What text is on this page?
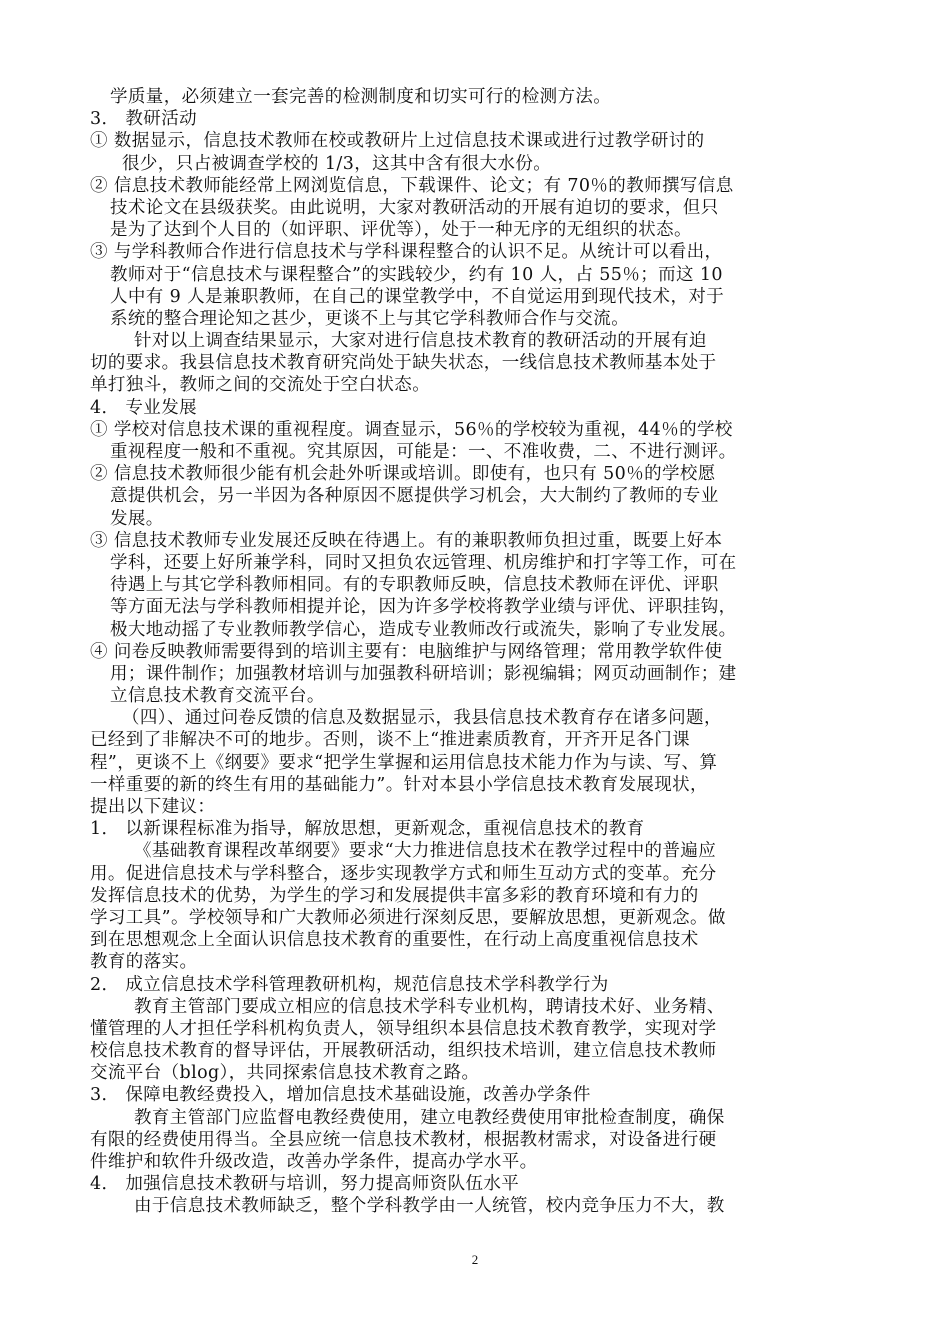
学质量，必须建立一套完善的检测制度和切实可行的检测方法。
3． 教研活动
① 数据显示，信息技术教师在校或教研片上过信息技术课或进行过教学研讨的
很少，只占被调查学校的 1/3，这其中含有很大水份。
② 信息技术教师能经常上网浏览信息，下载课件、论文；有 70％的教师撰写信息
技术论文在县级获奖。由此说明，大家对教研活动的开展有迫切的要求，但只
是为了达到个人目的（如评职、评优等），处于一种无序的无组织的状态。
③ 与学科教师合作进行信息技术与学科课程整合的认识不足。从统计可以看出，
教师对于“信息技术与课程整合”的实践较少，约有 10 人，占 55％；而这 10
人中有 9 人是兼职教师，在自己的课堂教学中，不自觉运用到现代技术，对于
系统的整合理论知之甚少，更谈不上与其它学科教师合作与交流。
针对以上调查结果显示，大家对进行信息技术教育的教研活动的开展有迫
切的要求。我县信息技术教育研究尚处于缺失状态，一线信息技术教师基本处于
单打独斗，教师之间的交流处于空白状态。
4． 专业发展
① 学校对信息技术课的重视程度。调查显示，56％的学校较为重视，44％的学校
重视程度一般和不重视。究其原因，可能是：一、不准收费，二、不进行测评。
② 信息技术教师很少能有机会赴外听课或培训。即使有，也只有 50％的学校愿
意提供机会，另一半因为各种原因不愿提供学习机会，大大制约了教师的专业
发展。
③ 信息技术教师专业发展还反映在待遇上。有的兼职教师负担过重，既要上好本
学科，还要上好所兼学科，同时又担负农远管理、机房维护和打字等工作，可在
待遇上与其它学科教师相同。有的专职教师反映，信息技术教师在评优、评职
等方面无法与学科教师相提并论，因为许多学校将教学业绩与评优、评职挂钩，
极大地动摇了专业教师教学信心，造成专业教师改行或流失，影响了专业发展。
④ 问卷反映教师需要得到的培训主要有：电脑维护与网络管理；常用教学软件使
用；课件制作；加强教材培训与加强教科研培训；影视编辑；网页动画制作；建
立信息技术教育交流平台。
（四）、通过问卷反馈的信息及数据显示，我县信息技术教育存在诸多问题，
已经到了非解决不可的地步。否则，谈不上“推进素质教育，开齐开足各门课
程”，更谈不上《纲要》要求“把学生掌握和运用信息技术能力作为与读、写、算
一样重要的新的终生有用的基础能力”。针对本县小学信息技术教育发展现状，
提出以下建议：
1． 以新课程标准为指导，解放思想，更新观念，重视信息技术的教育
《基础教育课程改革纲要》要求“大力推进信息技术在教学过程中的普遍应
用。促进信息技术与学科整合，逐步实现教学方式和师生互动方式的变革。充分
发挥信息技术的优势，为学生的学习和发展提供丰富多彩的教育环境和有力的
学习工具”。学校领导和广大教师必须进行深刻反思，要解放思想，更新观念。做
到在思想观念上全面认识信息技术教育的重要性，在行动上高度重视信息技术
教育的落实。
2． 成立信息技术学科管理教研机构，规范信息技术学科教学行为
教育主管部门要成立相应的信息技术学科专业机构，聘请技术好、业务精、
懂管理的人才担任学科机构负责人，领导组织本县信息技术教育教学，实现对学
校信息技术教育的督导评估，开展教研活动，组织技术培训，建立信息技术教师
交流平台（blog），共同探索信息技术教育之路。
3． 保障电教经费投入，增加信息技术基础设施，改善办学条件
教育主管部门应监督电教经费使用，建立电教经费使用审批检查制度，确保
有限的经费使用得当。全县应统一信息技术教材，根据教材需求，对设备进行硬
件维护和软件升级改造，改善办学条件，提高办学水平。
4． 加强信息技术教研与培训，努力提高师资队伍水平
由于信息技术教师缺乏，整个学科教学由一人统管，校内竞争压力不大，教
2
